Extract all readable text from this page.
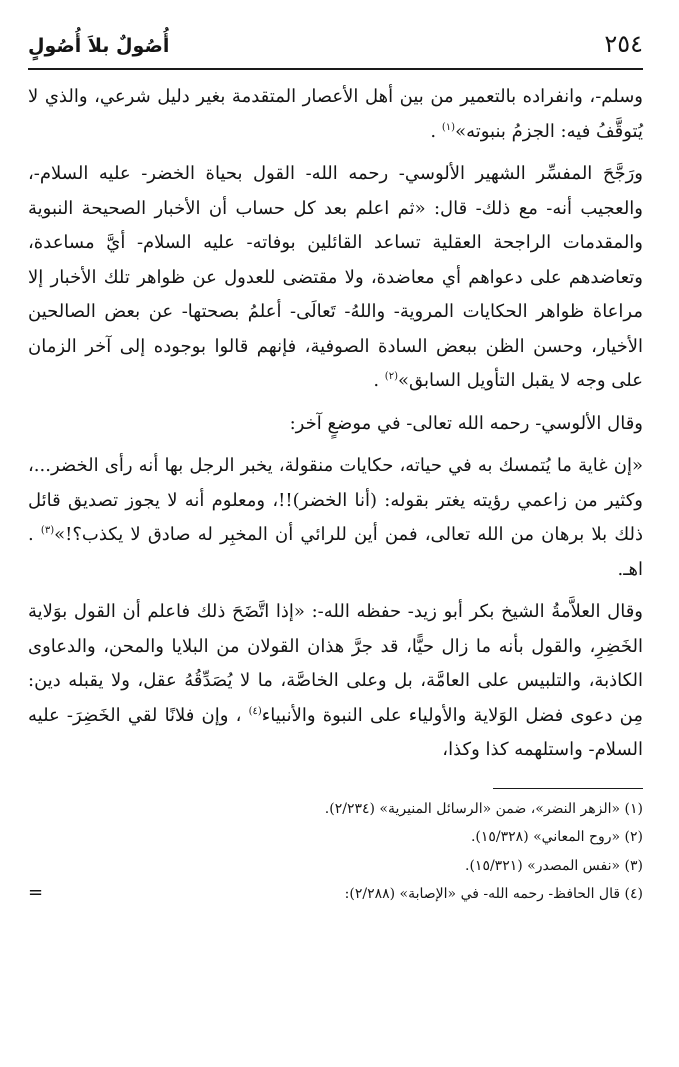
٢٥٤
أُصُولٌ بلاَ أُصُولٍ

وسلم-، وانفراده بالتعمير من بين أهل الأعصار المتقدمة بغير دليل شرعي، والذي لا يُتوقَّفُ فيه: الجزمُ بنبوته»$^{(١)}$ .

ورَجَّحَ المفسِّر الشهير الألوسي- رحمه الله- القول بحياة الخضر- عليه السلام-، والعجيب أنه- مع ذلك- قال: «ثم اعلم بعد كل حساب أن الأخبار الصحيحة النبوية والمقدمات الراجحة العقلية تساعد القائلين بوفاته- عليه السلام- أيَّ مساعدة، وتعاضدهم على دعواهم أي معاضدة، ولا مقتضى للعدول عن ظواهر تلك الأخبار إلا مراعاة ظواهر الحكايات المروية- واللهُ- تَعالَى- أعلمُ بصحتها- عن بعض الصالحين الأخيار، وحسن الظن ببعض السادة الصوفية، فإنهم قالوا بوجوده إلى آخر الزمان على وجه لا يقبل التأويل السابق»$^{(٢)}$ .

وقال الألوسي- رحمه الله تعالى- في موضعٍ آخر:

«إن غاية ما يُتمسك به في حياته، حكايات منقولة، يخبر الرجل بها أنه رأى الخضر...، وكثير من زاعمي رؤيته يغتر بقوله: (أنا الخضر)!!، ومعلوم أنه لا يجوز تصديق قائل ذلك بلا برهان من الله تعالى، فمن أين للرائي أن المخبِر له صادق لا يكذب؟!»$^{(٣)}$ . اهـ.

وقال العلاَّمةُ الشيخ بكر أبو زيد- حفظه الله-: «إذا اتَّضَحَ ذلك فاعلم أن القول بوَلاية الخَضِرِ، والقول بأنه ما زال حيًّا، قد جرَّ هذان القولان من البلايا والمحن، والدعاوى الكاذبة، والتلبيس على العامَّة، بل وعلى الخاصَّة، ما لا يُصَدِّقُهُ عقل، ولا يقبله دين: مِن دعوى فضل الوَلاية والأولياء على النبوة والأنبياء$^{(٤)}$ ، وإن فلانًا لقي الخَضِرَ- عليه السلام- واستلهمه كذا وكذا،

(١) «الزهر النضر»، ضمن «الرسائل المنيرية» (٢/٢٣٤).
(٢) «روح المعاني» (١٥/٣٢٨).
(٣) «نفس المصدر» (١٥/٣٢١).
(٤) قال الحافظ- رحمه الله- في «الإصابة» (٢/٢٨٨):
=
